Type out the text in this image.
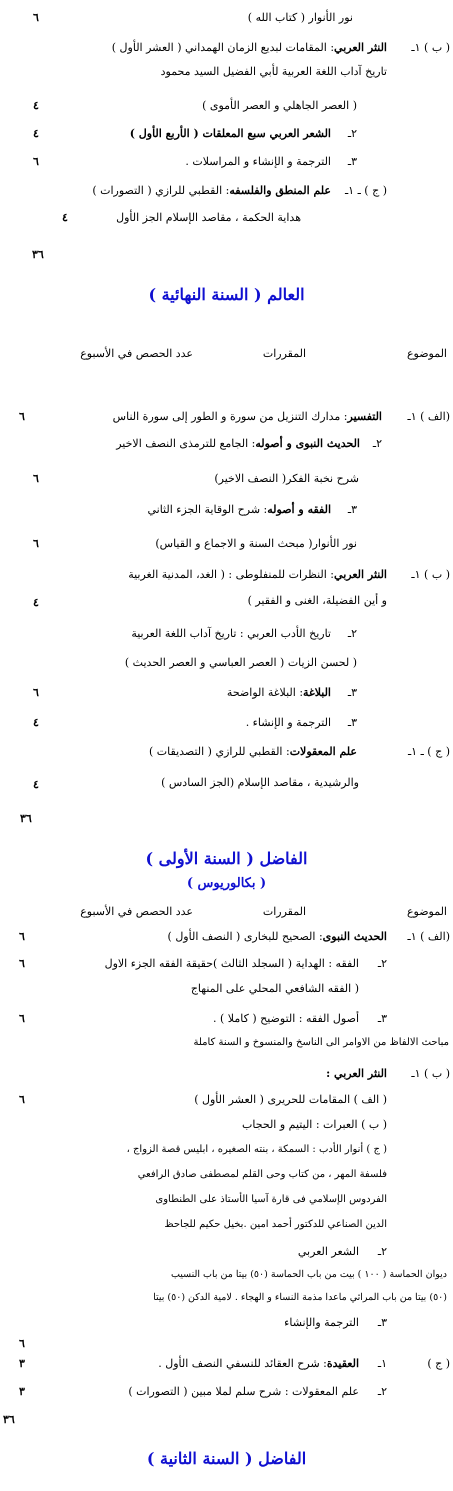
نور الأنوار ( كتاب الله )
٦
( ب ) ١ـ
النثر العربي: المقامات لبديع الزمان الهمداني ( العشر الأول )
تاريخ آداب اللغة العربية لأبي الفضيل السيد محمود
( العصر الجاهلي و العصر الأموى )
٤
٢ـ
الشعر العربي سبع المعلقات ( الأربع الأول )
٤
٣ـ
الترجمة و الإنشاء و المراسلات .
٦
( ج ) ـ ١ـ
علم المنطق والفلسفه: القطبي للرازي ( التصورات )
هداية الحكمة ، مقاصد الإسلام الجز الأول
٤
٣٦
العالم ( السنة النهائية )
الموضوع
المقررات
عدد الحصص في الأسبوع
(الف ) ١ـ
التفسير: مدارك التنزيل من سورة و الطور إلى سورة الناس
٦
٢ـ
الحديث النبوى و أصوله: الجامع للترمذى النصف الاخير
شرح نخبة الفكر( النصف الاخير)
٦
٣ـ
الفقه و أصوله: شرح الوقاية الجزء الثاني
نور الأنوار( مبحث السنة و الاجماع و القياس)
٦
( ب ) ١ـ
النثر العربي: النظرات للمنفلوطى : ( الغد، المدنية الغربية
و أين الفضيلة، الغنى و الفقير )
٤
٢ـ
تاريخ الأدب العربي : تاريخ آداب اللغة العربية
( لحسن الزيات ( العصر العباسي و العصر الحديث )
٣ـ
البلاغة: البلاغة الواضحة
٦
٣ـ
الترجمة و الإنشاء .
٤
( ج ) ـ ١ـ
علم المعقولات: القطبي للرازي ( التصديقات )
والرشيدية ، مقاصد الإسلام (الجز السادس )
٤
٣٦
الفاضل ( السنة الأولى )
( بكالوريوس )
الموضوع
المقررات
عدد الحصص في الأسبوع
(الف ) ١ـ
الحديث النبوى: الصحيح للبخارى ( النصف الأول )
٦
٢ـ
الفقه : الهداية ( السجلد الثالث )حقيقة الفقه الجزء الاول
٦
( الفقه الشافعي المحلي على المنهاج
٣ـ
أصول الفقه : التوضيح ( كاملا ) .
٦
مباحث الالفاظ من الاوامر الى الناسخ والمنسوخ و السنة كاملة
( ب ) ١ـ
النثر العربي :
( الف ) المقامات للحريرى ( العشر الأول )
٦
( ب ) العبرات : اليتيم و الحجاب
( ج ) أنوار الأدب : السمكة ، بنته الصغيره ، ابليس قصة الزواج ،
فلسفة المهر ، من كتاب وحى القلم لمصطفى صادق الرافعي
الفردوس الإسلامي فى قارة آسيا الأستاذ على الطنطاوى
الدين الصناعي للدكتور أحمد امين .بخيل حكيم للجاحظ
٢ـ
الشعر العربي
ديوان الحماسة ( ١٠٠ ) بيت من باب الحماسة (٥٠) بيتا من باب النسيب
(٥٠) بيتا من باب المراثي ماعدا مذمة النساء و الهجاء . لامية الدكن (٥٠) بيتا
٣ـ
الترجمة والإنشاء
٦
( ج )
١ـ
العقيدة: شرح العقائد للنسفي النصف الأول .
٣
٢ـ
علم المعقولات : شرح سلم لملا مبين ( التصورات )
٣
٣٦
الفاضل ( السنة الثانية )
